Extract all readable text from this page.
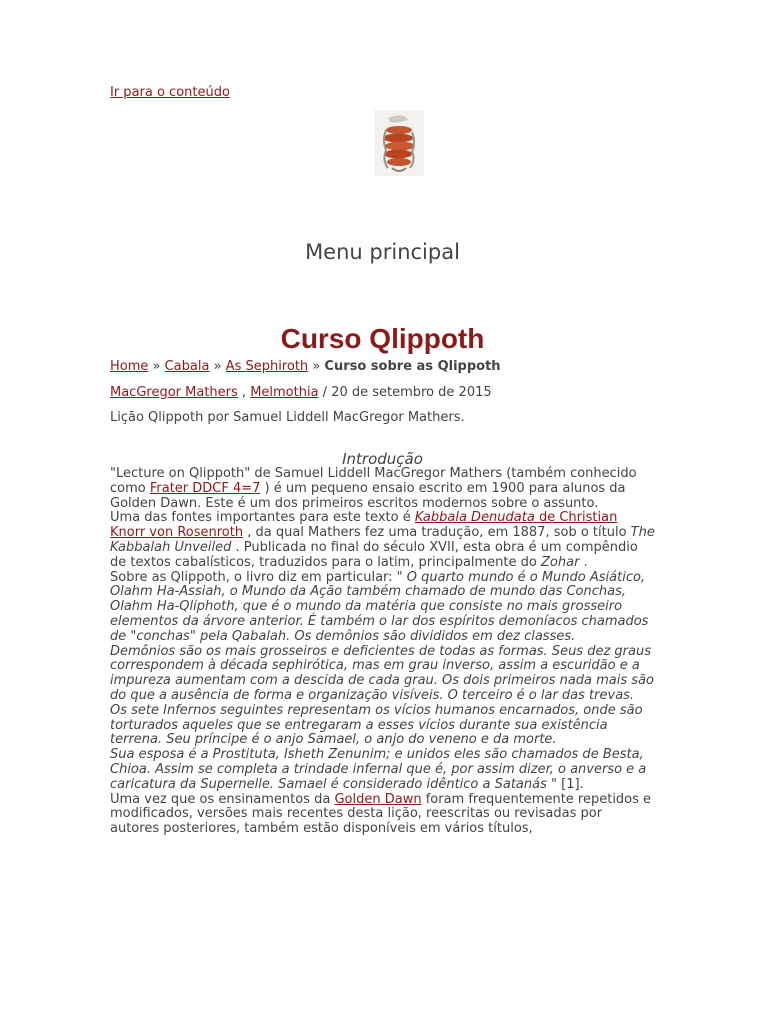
Ir para o conteúdo
Menu principal
Curso Qlippoth
Home » Cabala » As Sephiroth » Curso sobre as Qlippoth
MacGregor Mathers , Melmothia / 20 de setembro de 2015
Lição Qlippoth por Samuel Liddell MacGregor Mathers.
Introdução

"Lecture on Qlippoth" de Samuel Liddell MacGregor Mathers (também conhecido como Frater DDCF 4=7 ) é um pequeno ensaio escrito em 1900 para alunos da Golden Dawn. Este é um dos primeiros escritos modernos sobre o assunto.

Uma das fontes importantes para este texto é Kabbala Denudata de Christian Knorr von Rosenroth , da qual Mathers fez uma tradução, em 1887, sob o título The Kabbalah Unveiled . Publicada no final do século XVII, esta obra é um compêndio de textos cabalísticos, traduzidos para o latim, principalmente do Zohar .

Sobre as Qlippoth, o livro diz em particular: " O quarto mundo é o Mundo Asiático, Olahm Ha-Assiah, o Mundo da Ação também chamado de mundo das Conchas, Olahm Ha-Qliphoth, que é o mundo da matéria que consiste no mais grosseiro elementos da árvore anterior. É também o lar dos espíritos demoníacos chamados de "conchas" pela Qabalah. Os demônios são divididos em dez classes.

Demônios são os mais grosseiros e deficientes de todas as formas. Seus dez graus correspondem à década sephirótica, mas em grau inverso, assim a escuridão e a impureza aumentam com a descida de cada grau. Os dois primeiros nada mais são do que a ausência de forma e organização visíveis. O terceiro é o lar das trevas. Os sete Infernos seguintes representam os vícios humanos encarnados, onde são torturados aqueles que se entregaram a esses vícios durante sua existência terrena. Seu príncipe é o anjo Samael, o anjo do veneno e da morte.

Sua esposa é a Prostituta, Isheth Zenunim; e unidos eles são chamados de Besta, Chioa. Assim se completa a trindade infernal que é, por assim dizer, o anverso e a caricatura da Supernelle. Samael é considerado idêntico a Satanás " [1].

Uma vez que os ensinamentos da Golden Dawn foram frequentemente repetidos e modificados, versões mais recentes desta lição, reescritas ou revisadas por autores posteriores, também estão disponíveis em vários títulos,
